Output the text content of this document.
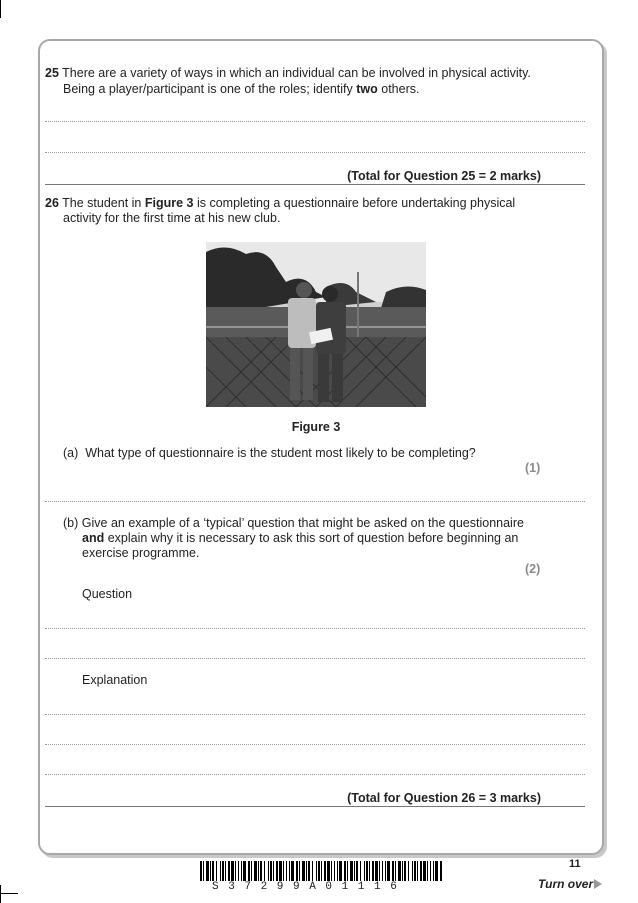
25 There are a variety of ways in which an individual can be involved in physical activity.

Being a player/participant is one of the roles; identify two others.

(Total for Question 25 = 2 marks)

26 The student in Figure 3 is completing a questionnaire before undertaking physical

activity for the first time at his new club.

Figure 3

(a) What type of questionnaire is the student most likely to be completing?

(1)

(b) Give an example of a ‘typical’ question that might be asked on the questionnaire

and explain why it is necessary to ask this sort of question before beginning an

exercise programme.

(2)

Question

Explanation

(Total for Question 26 = 3 marks)
11
S37299A01116	Turn over
